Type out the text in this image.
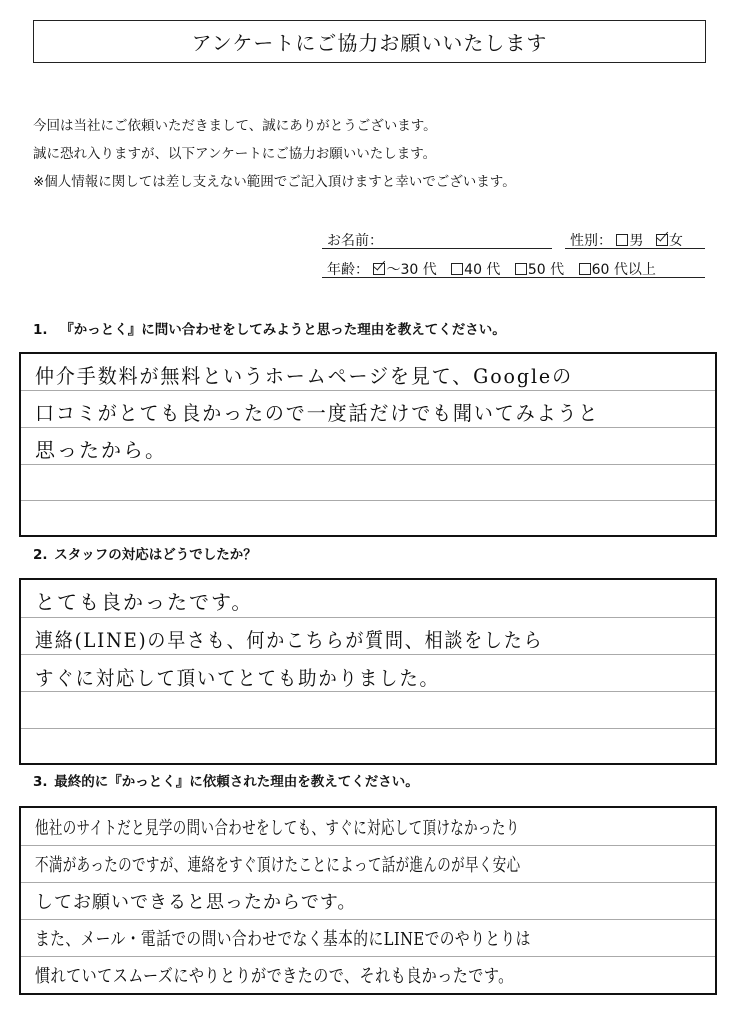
アンケートにご協力お願いいたします
今回は当社にご依頼いただきまして、誠にありがとうございます。
誠に恐れ入りますが、以下アンケートにご協力お願いいたします。
※個人情報に関しては差し支えない範囲でご記入頂けますと幸いでございます。
お名前：	性別： 男 女
年齢： ～30 代 40 代 50 代 60 代以上
1. 『かっとく』に問い合わせをしてみようと思った理由を教えてください。
仲介手数料が無料というホームページを見て、Googleの
口コミがとても良かったので一度話だけでも聞いてみようと
思ったから。
2. スタッフの対応はどうでしたか？
とても良かったです。
連絡(LINE)の早さも、何かこちらが質問、相談をしたら
すぐに対応して頂いてとても助かりました。
3. 最終的に『かっとく』に依頼された理由を教えてください。
他社のサイトだと見学の問い合わせをしても、すぐに対応して頂けなかったり
不満があったのですが、連絡をすぐ頂けたことによって話が進んのが早く安心
してお願いできると思ったからです。
また、メール・電話での問い合わせでなく基本的にLINEでのやりとりは
慣れていてスムーズにやりとりができたので、それも良かったです。
